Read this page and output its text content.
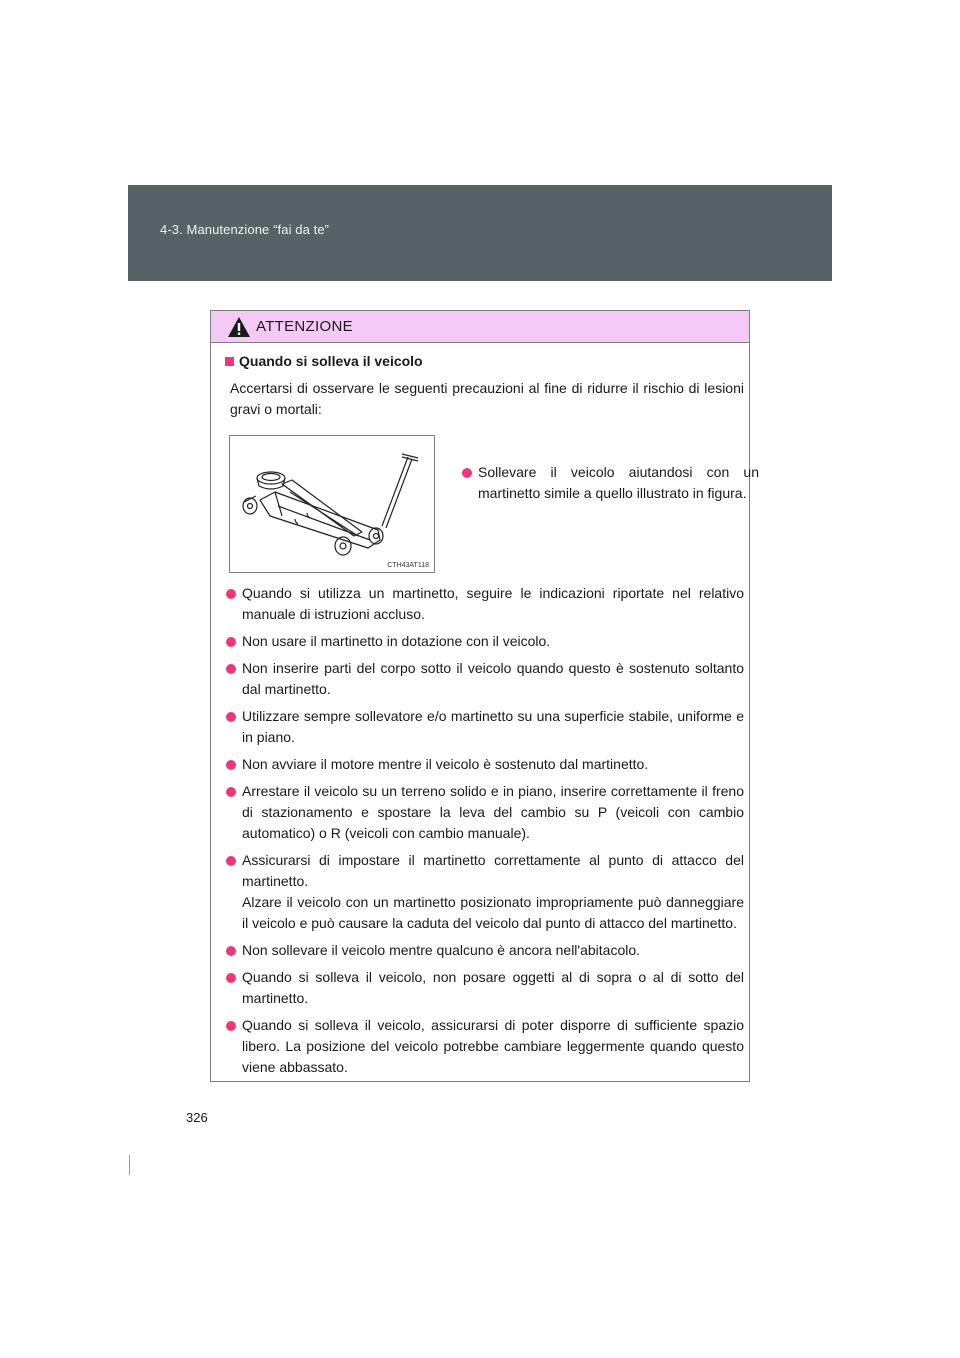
4-3. Manutenzione “fai da te”
ATTENZIONE
Quando si solleva il veicolo
Accertarsi di osservare le seguenti precauzioni al fine di ridurre il rischio di lesioni gravi o mortali:
CTH43AT118
Sollevare il veicolo aiutandosi con un martinetto simile a quello illustrato in figura.
Quando si utilizza un martinetto, seguire le indicazioni riportate nel relativo manuale di istruzioni accluso.
Non usare il martinetto in dotazione con il veicolo.
Non inserire parti del corpo sotto il veicolo quando questo è sostenuto soltanto dal martinetto.
Utilizzare sempre sollevatore e/o martinetto su una superficie stabile, uniforme e in piano.
Non avviare il motore mentre il veicolo è sostenuto dal martinetto.
Arrestare il veicolo su un terreno solido e in piano, inserire correttamente il freno di stazionamento e spostare la leva del cambio su P (veicoli con cambio automatico) o R (veicoli con cambio manuale).
Assicurarsi di impostare il martinetto correttamente al punto di attacco del martinetto.
Alzare il veicolo con un martinetto posizionato impropriamente può danneggiare il veicolo e può causare la caduta del veicolo dal punto di attacco del martinetto.
Non sollevare il veicolo mentre qualcuno è ancora nell'abitacolo.
Quando si solleva il veicolo, non posare oggetti al di sopra o al di sotto del martinetto.
Quando si solleva il veicolo, assicurarsi di poter disporre di sufficiente spazio libero. La posizione del veicolo potrebbe cambiare leggermente quando questo viene abbassato.
326
